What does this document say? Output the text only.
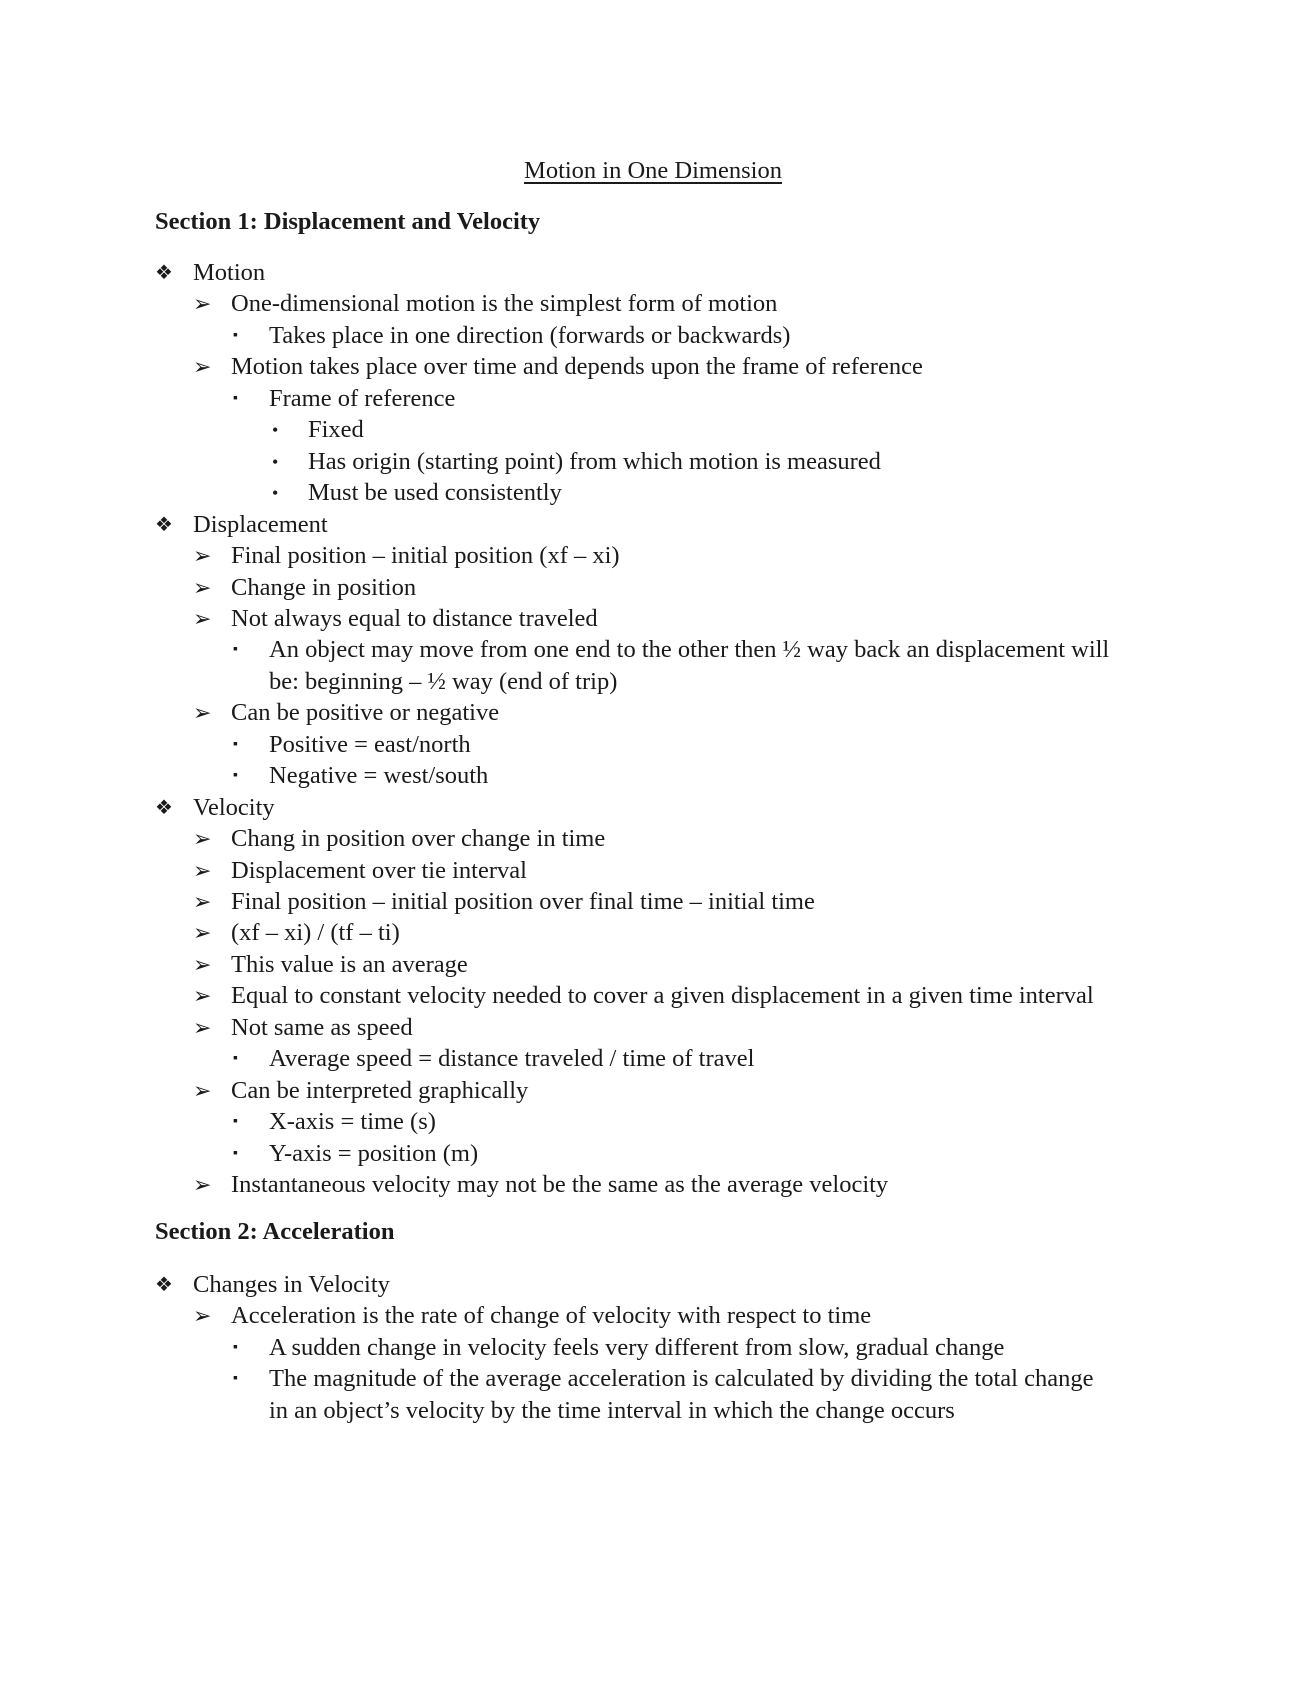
Motion in One Dimension
Section 1: Displacement and Velocity
❖ Motion
➢ One-dimensional motion is the simplest form of motion
▪	Takes place in one direction (forwards or backwards)
➢ Motion takes place over time and depends upon the frame of reference
▪	Frame of reference
•	Fixed
•	Has origin (starting point) from which motion is measured
•	Must be used consistently
❖ Displacement
➢ Final position – initial position (xf – xi)
➢ Change in position
➢ Not always equal to distance traveled
▪	An object may move from one end to the other then ½ way back an displacement will
be: beginning – ½ way (end of trip)
➢ Can be positive or negative
▪	Positive = east/north
▪	Negative = west/south
❖ Velocity
➢ Chang in position over change in time
➢ Displacement over tie interval
➢ Final position – initial position over final time – initial time
➢ (xf – xi) / (tf – ti)
➢ This value is an average
➢ Equal to constant velocity needed to cover a given displacement in a given time interval
➢ Not same as speed
▪	Average speed = distance traveled / time of travel
➢ Can be interpreted graphically
▪	X-axis = time (s)
▪	Y-axis = position (m)
➢ Instantaneous velocity may not be the same as the average velocity
Section 2: Acceleration
❖ Changes in Velocity
➢ Acceleration is the rate of change of velocity with respect to time
▪	A sudden change in velocity feels very different from slow, gradual change
▪	The magnitude of the average acceleration is calculated by dividing the total change
in an object’s velocity by the time interval in which the change occurs
